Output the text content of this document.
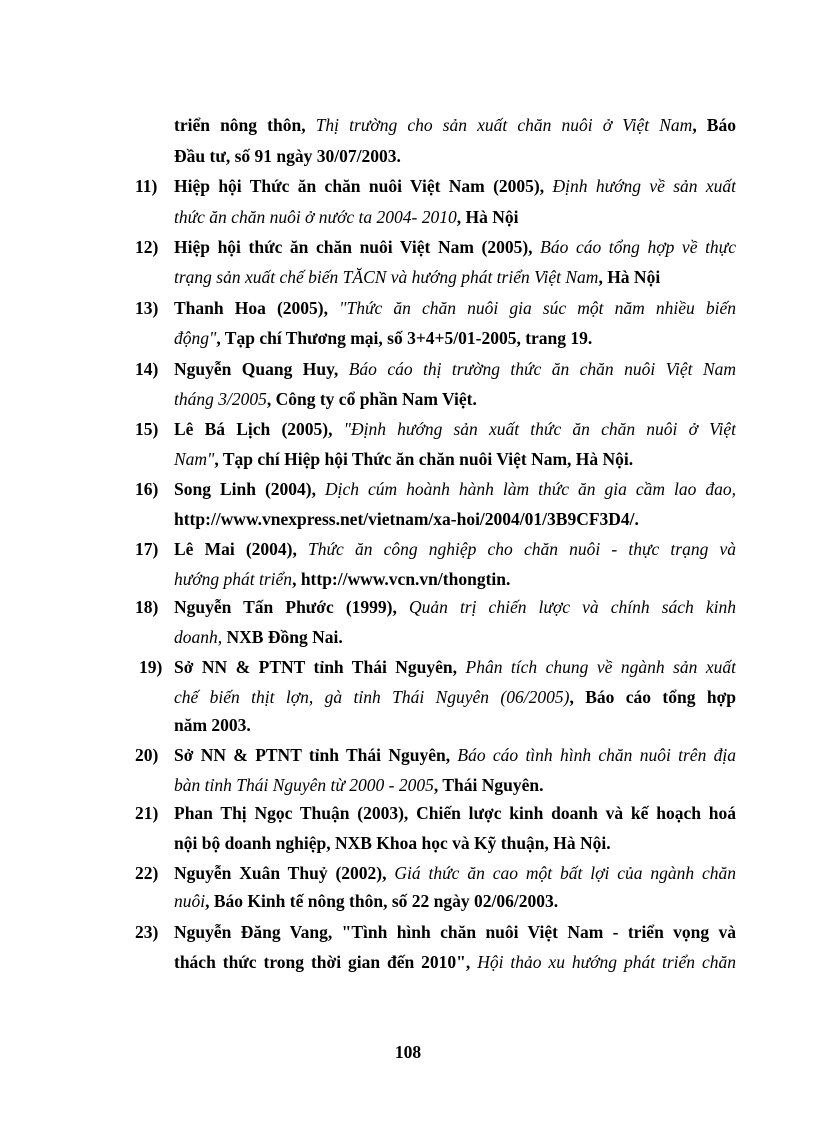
triển nông thôn, Thị trường cho sản xuất chăn nuôi ở Việt Nam, Báo
Đầu tư, số 91 ngày 30/07/2003.
11) Hiệp hội Thức ăn chăn nuôi Việt Nam (2005), Định hướng về sản xuất
thức ăn chăn nuôi ở nước ta 2004- 2010, Hà Nội
12) Hiệp hội thức ăn chăn nuôi Việt Nam (2005), Báo cáo tổng hợp về thực
trạng sản xuất chế biến TĂCN và hướng phát triển Việt Nam, Hà Nội
13) Thanh Hoa (2005), "Thức ăn chăn nuôi gia súc một năm nhiều biến
động", Tạp chí Thương mại, số 3+4+5/01-2005, trang 19.
14) Nguyễn Quang Huy, Báo cáo thị trường thức ăn chăn nuôi Việt Nam
tháng 3/2005, Công ty cổ phần Nam Việt.
15) Lê Bá Lịch (2005), "Định hướng sản xuất thức ăn chăn nuôi ở Việt
Nam", Tạp chí Hiệp hội Thức ăn chăn nuôi Việt Nam, Hà Nội.
16) Song Linh (2004), Dịch cúm hoành hành làm thức ăn gia cầm lao đao,
http://www.vnexpress.net/vietnam/xa-hoi/2004/01/3B9CF3D4/.
17) Lê Mai (2004), Thức ăn công nghiệp cho chăn nuôi - thực trạng và
hướng phát triển, http://www.vcn.vn/thongtin.
18) Nguyễn Tấn Phước (1999), Quản trị chiến lược và chính sách kinh
doanh, NXB Đồng Nai.
19) Sở NN & PTNT tỉnh Thái Nguyên, Phân tích chung về ngành sản xuất
chế biến thịt lợn, gà tỉnh Thái Nguyên (06/2005), Báo cáo tổng hợp
năm 2003.
20) Sở NN & PTNT tỉnh Thái Nguyên, Báo cáo tình hình chăn nuôi trên địa
bàn tỉnh Thái Nguyên từ 2000 - 2005, Thái Nguyên.
21) Phan Thị Ngọc Thuận (2003), Chiến lược kinh doanh và kế hoạch hoá
nội bộ doanh nghiệp, NXB Khoa học và Kỹ thuận, Hà Nội.
22) Nguyễn Xuân Thuỷ (2002), Giá thức ăn cao một bất lợi của ngành chăn
nuôi, Báo Kinh tế nông thôn, số 22 ngày 02/06/2003.
23) Nguyễn Đăng Vang, "Tình hình chăn nuôi Việt Nam - triển vọng và
thách thức trong thời gian đến 2010", Hội thảo xu hướng phát triển chăn
108
